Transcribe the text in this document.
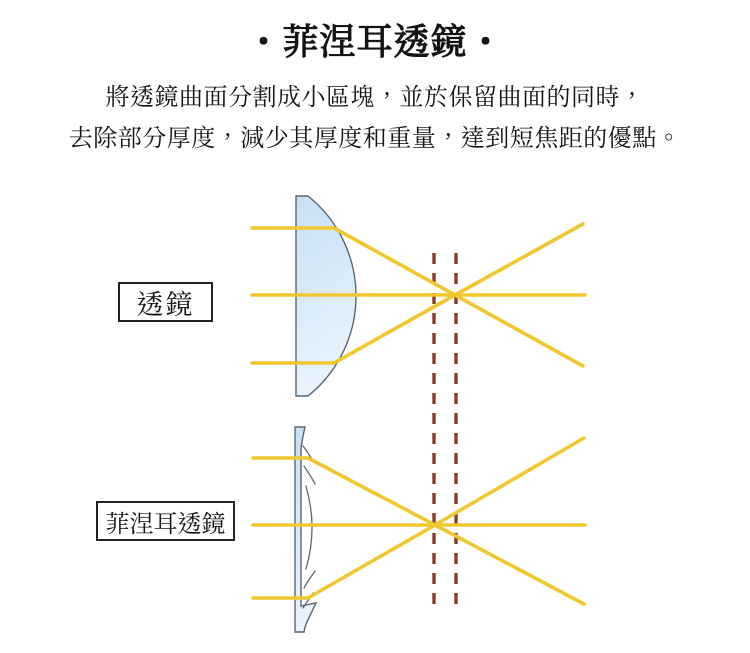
・菲涅耳透鏡・
將透鏡曲面分割成小區塊，並於保留曲面的同時，
去除部分厚度，減少其厚度和重量，達到短焦距的優點。
透鏡
菲涅耳透鏡
